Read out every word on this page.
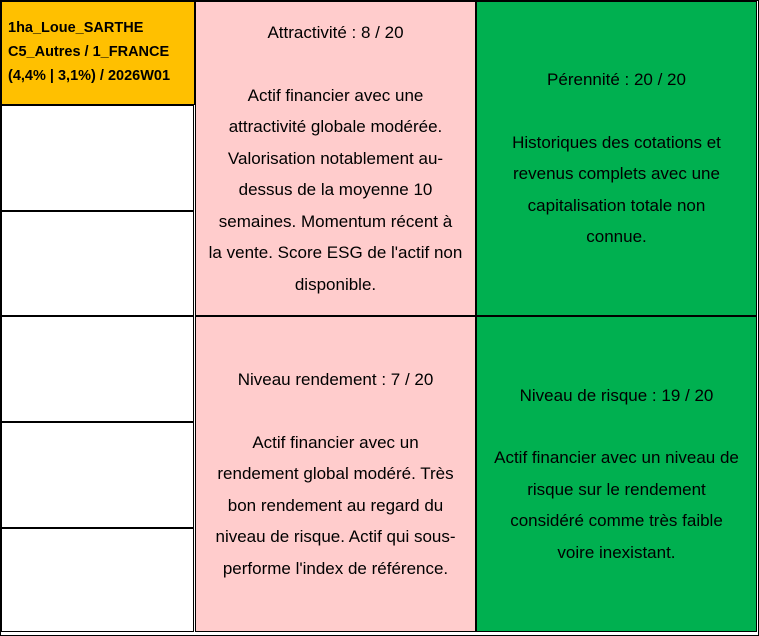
1ha_Loue_SARTHE
C5_Autres / 1_FRANCE
(4,4% | 3,1%) / 2026W01
Attractivité : 8 / 20
Actif financier avec une
attractivité globale modérée.
Valorisation notablement au-
dessus de la moyenne 10
semaines. Momentum récent à
la vente. Score ESG de l'actif non
disponible.
Pérennité : 20 / 20
Historiques des cotations et
revenus complets avec une
capitalisation totale non
connue.
Niveau rendement : 7 / 20
Actif financier avec un
rendement global modéré. Très
bon rendement au regard du
niveau de risque. Actif qui sous-
performe l'index de référence.
Niveau de risque : 19 / 20
Actif financier avec un niveau de
risque sur le rendement
considéré comme très faible
voire inexistant.
